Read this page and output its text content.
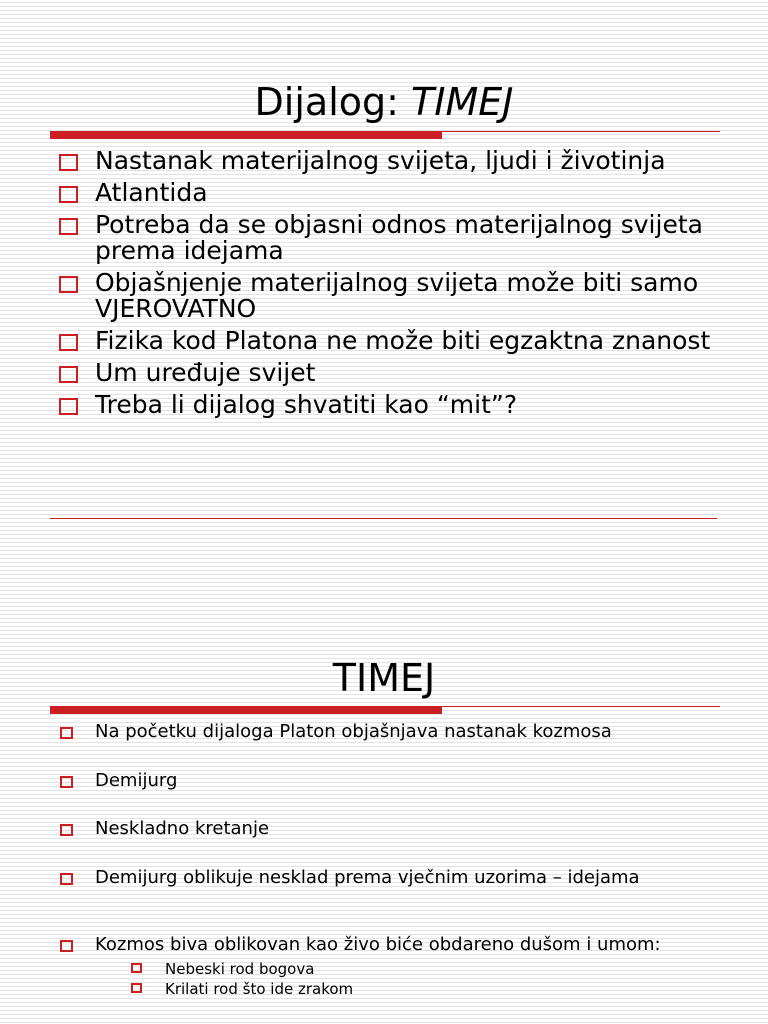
Dijalog: TIMEJ
Nastanak materijalnog svijeta, ljudi i životinja
Atlantida
Potreba da se objasni odnos materijalnog svijeta prema idejama
Objašnjenje materijalnog svijeta može biti samo VJEROVATNO
Fizika kod Platona ne može biti egzaktna znanost
Um uređuje svijet
Treba li dijalog shvatiti kao “mit”?
TIMEJ
Na početku dijaloga Platon objašnjava nastanak kozmosa
Demijurg
Neskladno kretanje
Demijurg oblikuje nesklad prema vječnim uzorima – idejama
Kozmos biva oblikovan kao živo biće obdareno dušom i umom:
Nebeski rod bogova
Krilati rod što ide zrakom
